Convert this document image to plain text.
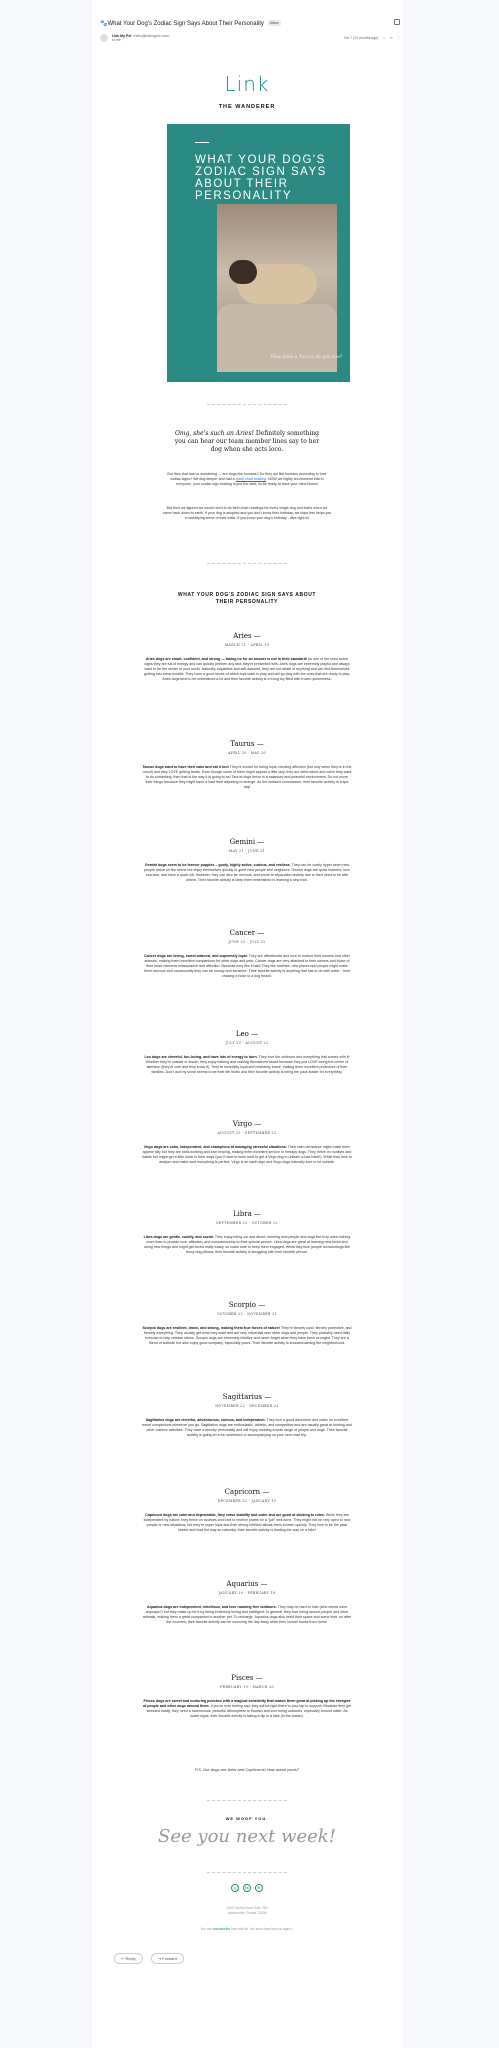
🐾What Your Dog's Zodiac Sign Says About Their Personality	Inbox
Link My Pet <hello@linkmypet.com>
to me	Oct 7 (11 months ago) ☆ ↩ ⋮
Link
THE WANDERER
WHAT YOUR DOG'S ZODIAC SIGN SAYS ABOUT THEIR PERSONALITY
How does a Taurus do you too?
Omg, she's such an Aries! Definitely something you can hear our team member lines say to her dog when she acts loco.
But then that has us wondering — are dogs like humans? Do they act like humans according to their zodiac signs? We dug deeper and had a quick chart reading. NOW we highly recommend that to everyone, your zodiac sign reading is just the start, so be ready to have your mind blown!
But then we figured we would need to do birth chart readings for every single dog and that's when we came back down to earth. If your dog is adopted and you don't know their birthday, we hope this helps you in identifying some of their traits. If you know your dog's birthday - dive right in!
WHAT YOUR DOG'S ZODIAC SIGN SAYS ABOUT THEIR PERSONALITY
Aries —
MARCH 21 - APRIL 19
Aries dogs are smart, confident, and strong — taking no for an answer is not in their standard! As one of the most active signs they are full of energy and can quickly perform any task they're presented with. Aries dogs are extremely playful and always want to be the center of your world. Naturally inquisitive and self-assured, they are not afraid of anything and can find themselves getting into some trouble. They have a good sense of which toys want to play and will go play with the ones that are ready to play. Aries dogs tend to be entertained a lot and their favorite activity is a Kong toy filled with frozen yumminess.
Taurus —
APRIL 20 - MAY 20
Taurus dogs want to have their cake and eat it too! They're known for being loyal, needing affection (but only when they're in the mood) and they LOVE getting treats. Even though some of them might appear a little lazy, they are determined and when they want to do something, then that is the way it is going to be! Taurus dogs thrive in a balanced and peaceful environment. Do not move their things because they might have a hard time adjusting to change. As the zodiac's connoisseur, their favorite activity is a spa day!
Gemini —
MAY 21 - JUNE 21
Gemini dogs seem to be forever puppies – goofy, highly active, curious, and restless. They can be overly hyper when new people arrive on the scene but enjoy themselves quickly to greet new people and neighbors. Gemini dogs are quick learners, love exercise, and have a quick wit. However, they can also be nervous, and prone to separation anxiety due to their need to be with others. Their favorite activity is deep them entertained is learning a new trick.
Cancer —
JUNE 21 - JULY 22
Cancer dogs are loving, sweet-natured, and supremely loyal. They are affectionate and love to nurture their owners and other animals, making them excellent companions for other dogs and pets. Cancer dogs are very attached to their owners and those of their heart reinforce reassurance and affection. Because they like it bad! They like routines, new places and people might make them nervous and occasionally they can be moody and sensitive. Their favorite activity is anything that has to do with water - from chasing a hose to a dog beach.
Leo —
JULY 23 - AUGUST 22
Leo dogs are cheerful, fun-loving, and have lots of energy to burn. They love the outdoors and everything that comes with it! Whether they're outside or inside, they enjoy barking and making themselves heard because they just LOVE being the center of attention (they're cute and they know it). They're incredibly loyal and hesitantly brave, making them excellent protectors of their families. Don't dull my shine seems to be their life motto and their favorite activity is being the pack leader for everything.
Virgo —
AUGUST 23 - SEPTEMBER 22
Virgo dogs are calm, independent, and champions at managing stressful situations. Their calm demeanor might make them appear silly but they are hard-working and love helping, making them excellent service or therapy dogs. They thrive on routines and habits but might get a little stuck in their ways (you'll have to work hard to get a Virgo dog to unlearn a bad habit!). While they love to analyze and make sure everything is perfect, Virgo is an earth sign and Virgo dogs naturally love to be outside.
Libra —
SEPTEMBER 23 - OCTOBER 22
Libra dogs are gentle, cuddly, and social. They enjoy being out and about, meeting new people and dogs but truly want nothing more than to provide love, affection, and companionship to their special person. Libra dogs are great at learning new tricks and doing new things and might get bored really easily, so make sure to keep them engaged. While they love people surroundings like fancy dog pillows, their favorite activity is snuggling with their favorite person.
Scorpio —
OCTOBER 23 - NOVEMBER 21
Scorpio dogs are resilient, brave, and strong, making them true forces of nature! They're fiercely loyal, fiercely protective, and fiercely everything. They usually get what they want and are very influential over other dogs and people. They probably need daily exercise to help release stress. Scorpio dogs are extremely intuitive and never forget when they have been wronged. They are a friend of solitude but also enjoy good company, especially yours. Their favorite activity is snooze/roaming the neighborhood.
Sagittarius —
NOVEMBER 22 - DECEMBER 21
Sagittarius dogs are cheerful, adventurous, curious, and independent. They love a good adventure and make for excellent travel companions wherever you go. Sagittarius dogs are enthusiastic, athletic, and competitive and are usually great at hunting and other outdoor activities. They have a friendly personality and will enjoy meeting a wide range of people and dogs. Their favorite activity is going on a fun adventure or accompanying on your next road trip.
Capricorn —
DECEMBER 22 - JANUARY 19
Capricorn dogs are calm and dependable, they crave stability and order and are good at sticking to rules. While they are independent by nature, they thrive on routines and love to receive praise for a "job" well done. They might not be very open to new people or new situations, but they're super loyal and their strong intellect allows them to learn quickly. They love to be the pack leader and lead the way so naturally, their favorite activity is leading the way on a hike!
Aquarius —
JANUARY 20 - FEBRUARY 18
Aquarius dogs are independent, rebellious, and love roaming free outdoors. They may be hard to train (who needs rules anyways?) but they make up for it by being extremely loving and intelligent. In general, they love being around people and other animals, making them a great companion to another pet. To recharge, Aquarius dogs also need their space and some time, so after the zoomies, their favorite activity can be snoozing the day away while their human works from home.
Pisces —
FEBRUARY 19 - MARCH 20
Pisces dogs are sweet and nurturing pooches with a magical sensitivity that makes them great at picking up the energies of people and other dogs around them. If you're ever feeling sad, they will be right there to your lap to support! Because they get stressed easily, they need a harmonious, peaceful atmosphere to flourish and love being outdoors, especially around water. As water signs, their favorite activity is taking a dip in a lake (in the ocean).
P.S. Our dogs are Aries and Capricorns! How about yours?
WE WOOF YOU.
See you next week!
ig	tw	fb
2400 Vitoria Grove Suite 200
Jacksonville, Florida, 32256
You can unsubscribe from this list. You won't hear from us again :(
↩ Reply	↪ Forward
